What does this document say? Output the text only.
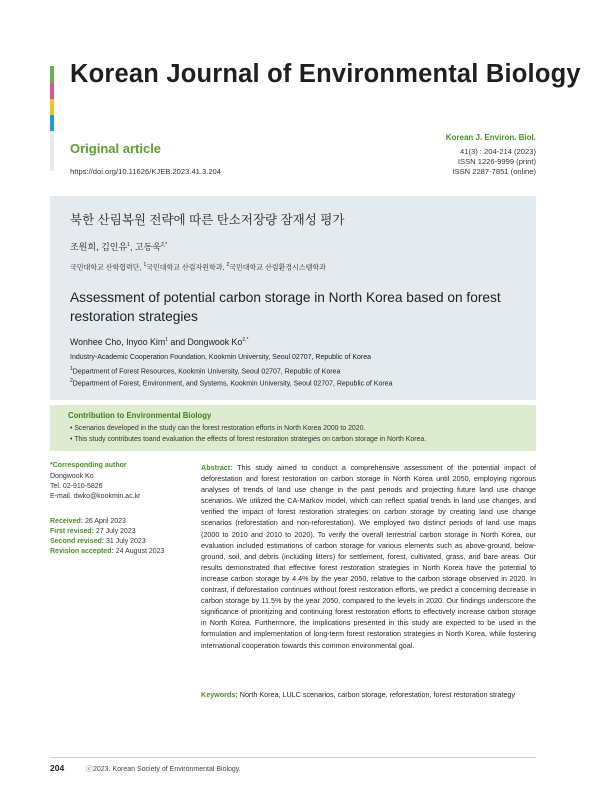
Korean Journal of Environmental Biology
Original article
https://doi.org/10.11626/KJEB.2023.41.3.204
Korean J. Environ. Biol.
41(3) : 204-214 (2023)
ISSN 1226-9999 (print)
ISSN 2287-7851 (online)
북한 산림복원 전략에 따른 탄소저장량 잠재성 평가
조원희, 김인유$^1$, 고동욱$^{2,*}$
국민대학교 산학협력단, $^1$국민대학교 산림자원학과, $^2$국민대학교 산림환경시스템학과
Assessment of potential carbon storage in North Korea based on forest restoration strategies
Wonhee Cho, Inyoo Kim$^1$ and Dongwook $Ko^{2,*}$
Industry-Academic Cooperation Foundation, Kookmin University, Seoul 02707, Republic of Korea
$^1$Department of Forest Resources, Kookmin University, Seoul 02707, Republic of Korea
$^2$Department of Forest, Environment, and Systems, Kookmin University, Seoul 02707, Republic of Korea
Contribution to Environmental Biology
• Scenarios developed in the study can the forest restoration efforts in North Korea 2000 to 2020.
• This study contributes toand evaluation the effects of forest restoration strategies on carbon storage in North Korea.
*Corresponding author
Dongwook Ko
Tel. 02-910-5826
E-mail. dwko@kookmin.ac.kr
Received: 26 April 2023
First revised: 27 July 2023
Second revised: 31 July 2023
Revision accepted: 24 August 2023
Abstract: This study aimed to conduct a comprehensive assessment of the potential impact of deforestation and forest restoration on carbon storage in North Korea until 2050, employing rigorous analyses of trends of land use change in the past periods and projecting future land use change scenarios. We utilized the CA-Markov model, which can reflect spatial trends in land use changes, and verified the impact of forest restoration strategies on carbon storage by creating land use change scenarios (reforestation and non-reforestation). We employed two distinct periods of land use maps (2000 to 2010 and 2010 to 2020). To verify the overall terrestrial carbon storage in North Korea, our evaluation included estimations of carbon storage for various elements such as above-ground, below-ground, soil, and debris (including litters) for settlement, forest, cultivated, grass, and bare areas. Our results demonstrated that effective forest restoration strategies in North Korea have the potential to increase carbon storage by 4.4% by the year 2050, relative to the carbon storage observed in 2020. In contrast, if deforestation continues without forest restoration efforts, we predict a concerning decrease in carbon storage by 11.5% by the year 2050, compared to the levels in 2020. Our findings underscore the significance of prioritizing and continuing forest restoration efforts to effectively increase carbon storage in North Korea. Furthermore, the implications presented in this study are expected to be used in the formulation and implementation of long-term forest restoration strategies in North Korea, while fostering international cooperation towards this common environmental goal.
Keywords: North Korea, LULC scenarios, carbon storage, reforestation, forest restoration strategy
204	ⓒ2023. Korean Society of Environmental Biology.
